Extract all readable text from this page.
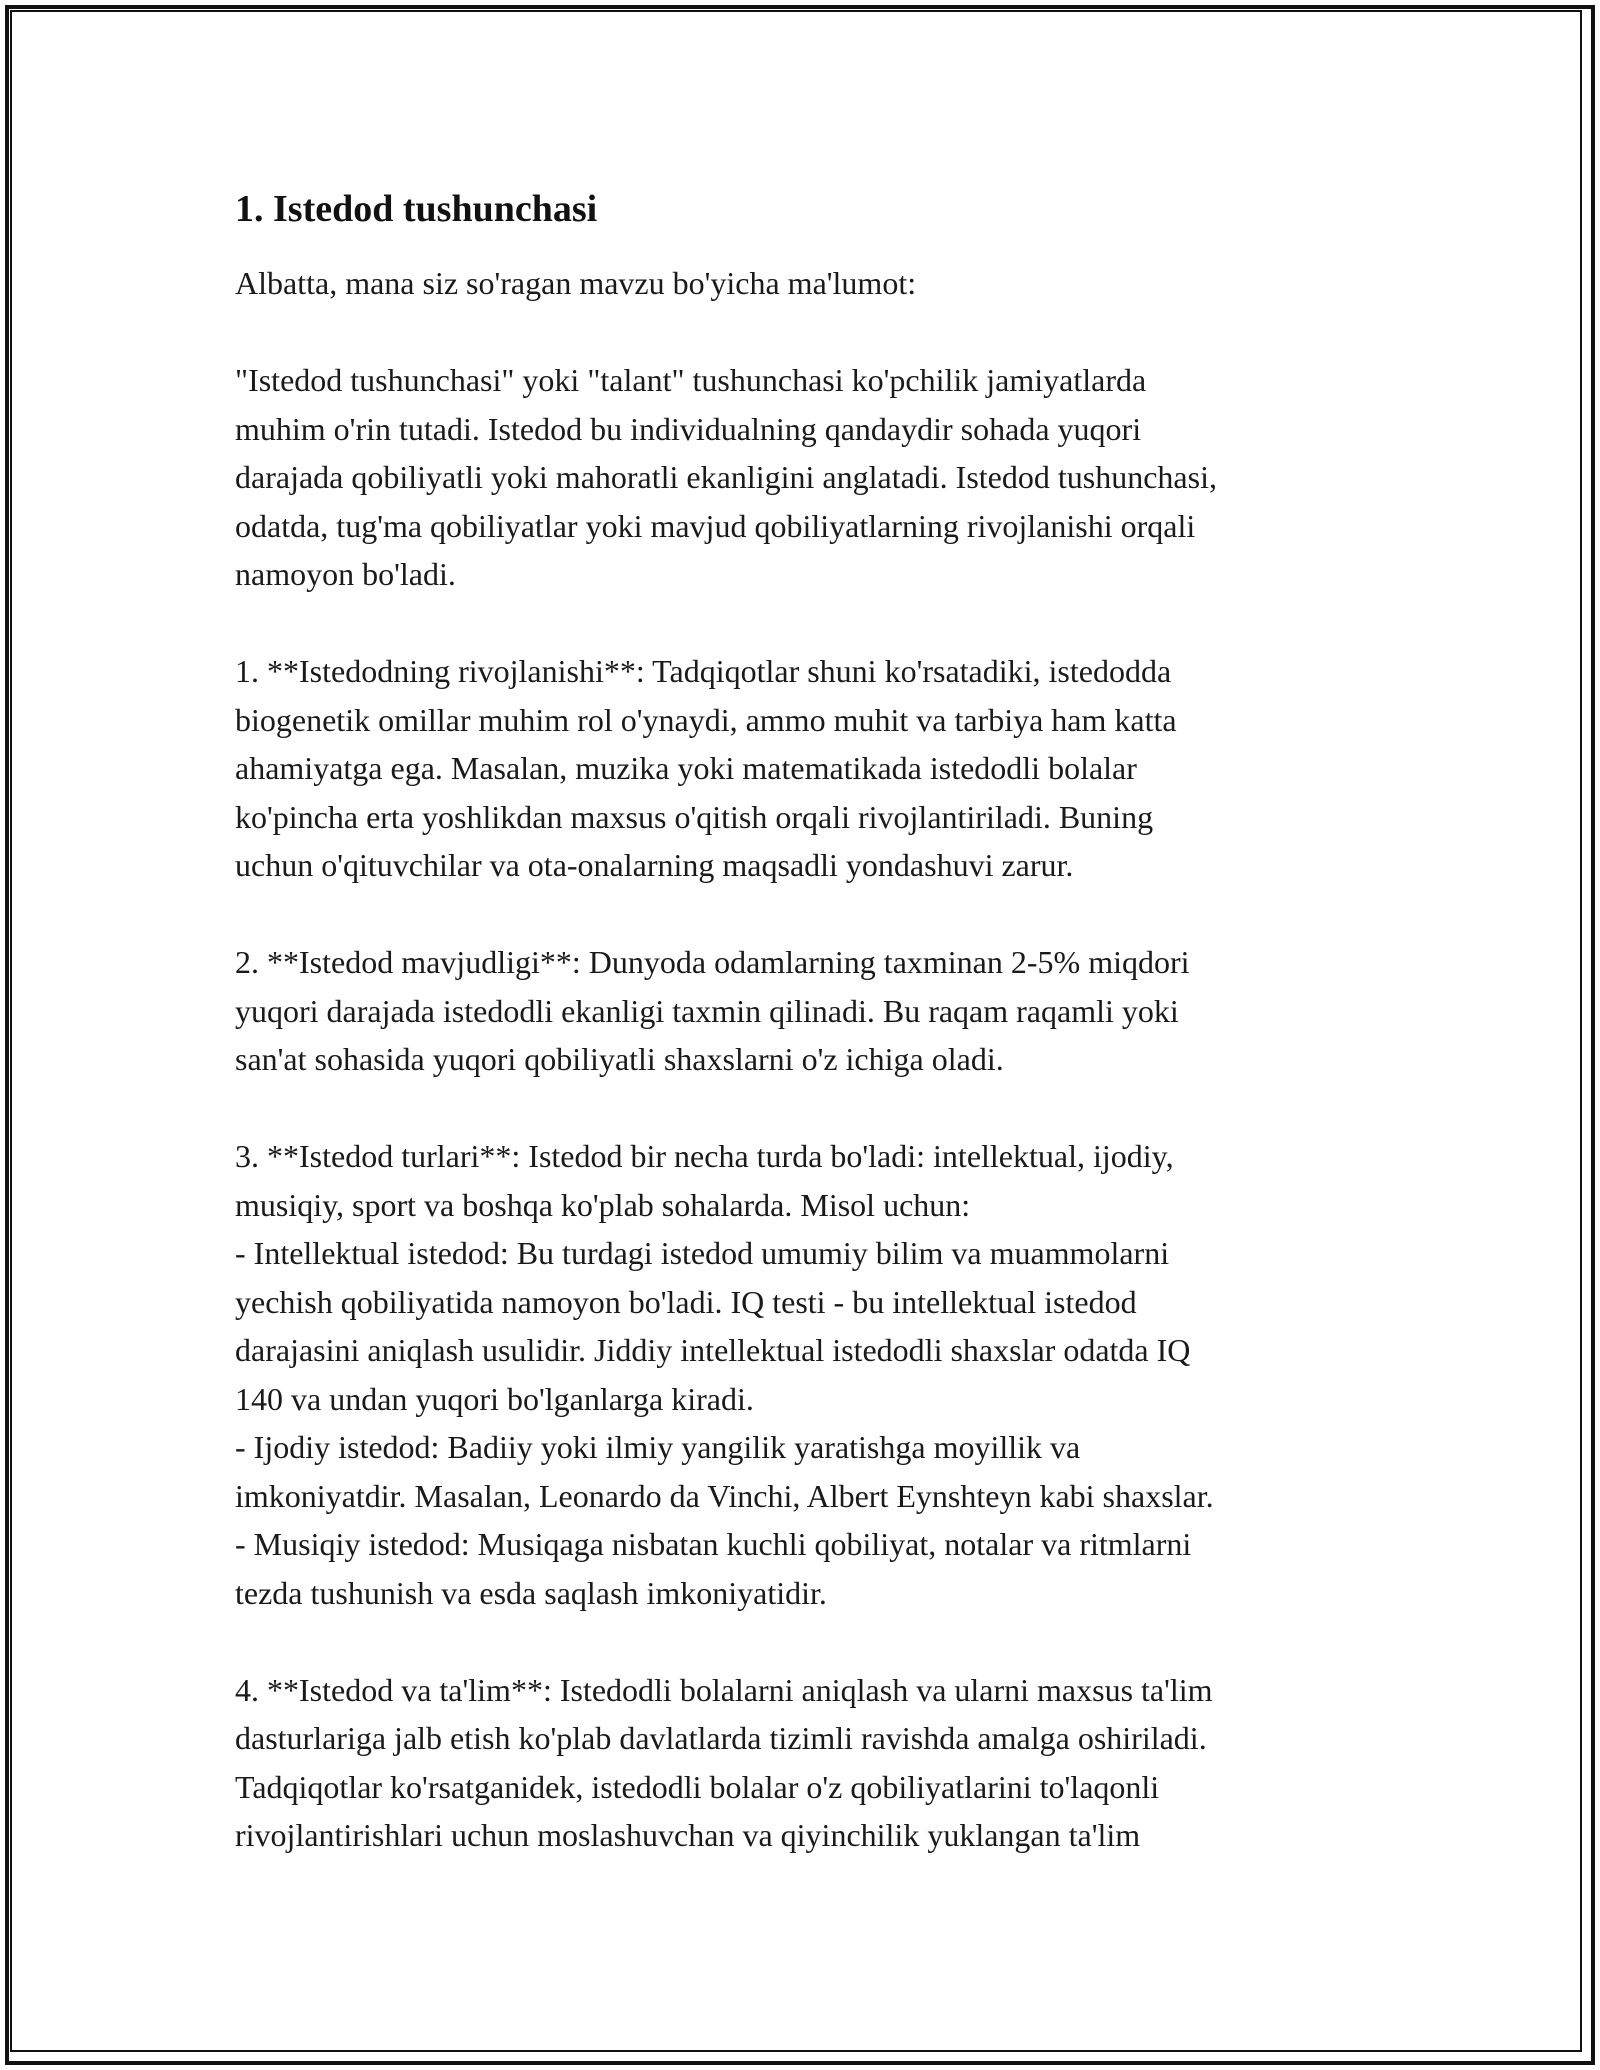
1. Istedod tushunchasi

Albatta, mana siz so'ragan mavzu bo'yicha ma'lumot:

"Istedod tushunchasi" yoki "talant" tushunchasi ko'pchilik jamiyatlarda
muhim o'rin tutadi. Istedod bu individualning qandaydir sohada yuqori
darajada qobiliyatli yoki mahoratli ekanligini anglatadi. Istedod tushunchasi,
odatda, tug'ma qobiliyatlar yoki mavjud qobiliyatlarning rivojlanishi orqali
namoyon bo'ladi.

1. **Istedodning rivojlanishi**: Tadqiqotlar shuni ko'rsatadiki, istedodda
biogenetik omillar muhim rol o'ynaydi, ammo muhit va tarbiya ham katta
ahamiyatga ega. Masalan, muzika yoki matematikada istedodli bolalar
ko'pincha erta yoshlikdan maxsus o'qitish orqali rivojlantiriladi. Buning
uchun o'qituvchilar va ota-onalarning maqsadli yondashuvi zarur.

2. **Istedod mavjudligi**: Dunyoda odamlarning taxminan 2-5% miqdori
yuqori darajada istedodli ekanligi taxmin qilinadi. Bu raqam raqamli yoki
san'at sohasida yuqori qobiliyatli shaxslarni o'z ichiga oladi.

3. **Istedod turlari**: Istedod bir necha turda bo'ladi: intellektual, ijodiy,
musiqiy, sport va boshqa ko'plab sohalarda. Misol uchun:
- Intellektual istedod: Bu turdagi istedod umumiy bilim va muammolarni
yechish qobiliyatida namoyon bo'ladi. IQ testi - bu intellektual istedod
darajasini aniqlash usulidir. Jiddiy intellektual istedodli shaxslar odatda IQ
140 va undan yuqori bo'lganlarga kiradi.
- Ijodiy istedod: Badiiy yoki ilmiy yangilik yaratishga moyillik va
imkoniyatdir. Masalan, Leonardo da Vinchi, Albert Eynshteyn kabi shaxslar.
- Musiqiy istedod: Musiqaga nisbatan kuchli qobiliyat, notalar va ritmlarni
tezda tushunish va esda saqlash imkoniyatidir.

4. **Istedod va ta'lim**: Istedodli bolalarni aniqlash va ularni maxsus ta'lim
dasturlariga jalb etish ko'plab davlatlarda tizimli ravishda amalga oshiriladi.
Tadqiqotlar ko'rsatganidek, istedodli bolalar o'z qobiliyatlarini to'laqonli
rivojlantirishlari uchun moslashuvchan va qiyinchilik yuklangan ta'lim
